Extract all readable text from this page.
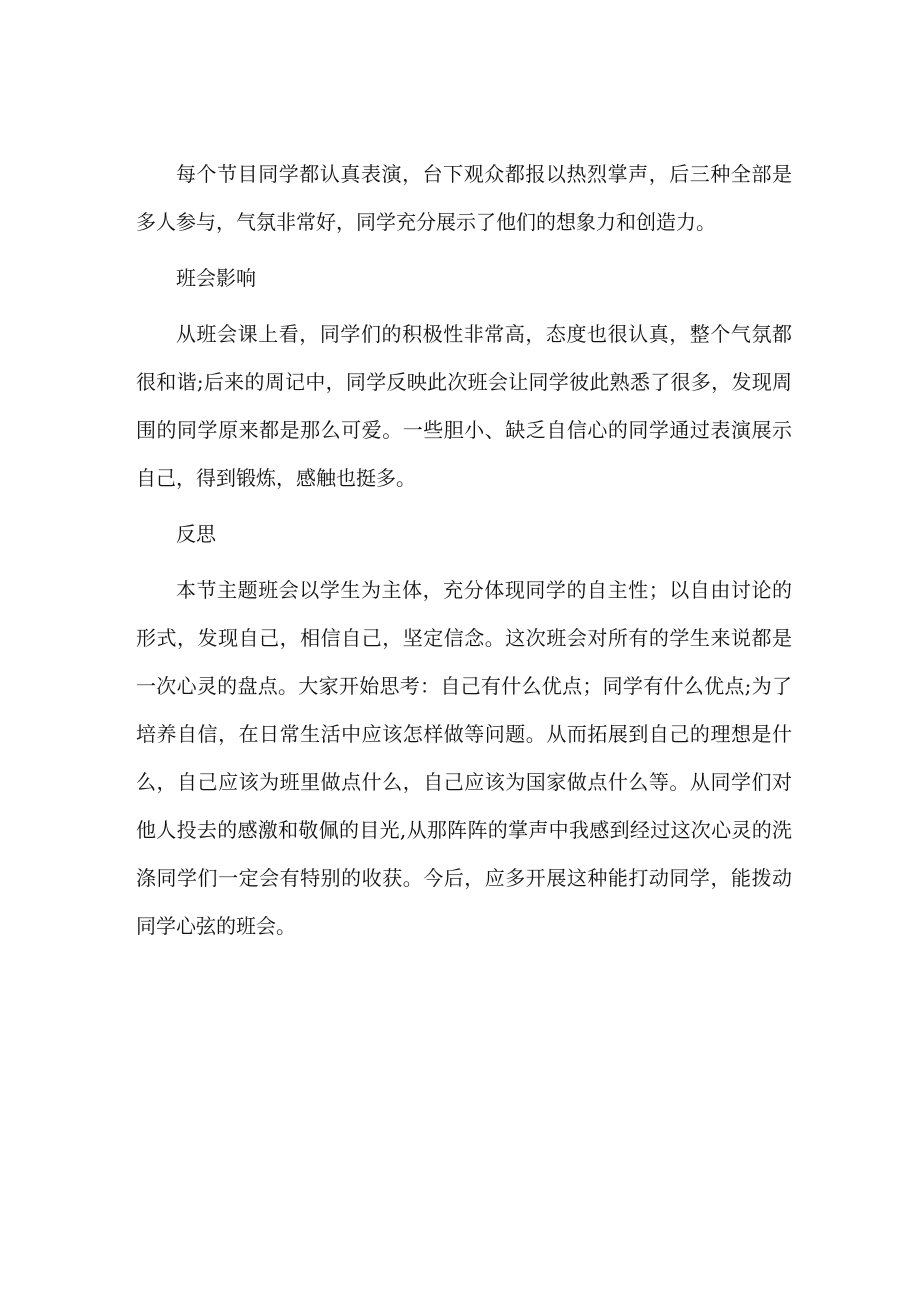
每个节目同学都认真表演，台下观众都报以热烈掌声，后三种全部是多人参与，气氛非常好，同学充分展示了他们的想象力和创造力。

班会影响

从班会课上看，同学们的积极性非常高，态度也很认真，整个气氛都很和谐;后来的周记中，同学反映此次班会让同学彼此熟悉了很多，发现周围的同学原来都是那么可爱。一些胆小、缺乏自信心的同学通过表演展示自己，得到锻炼，感触也挺多。

反思

本节主题班会以学生为主体，充分体现同学的自主性；以自由讨论的形式，发现自己，相信自己，坚定信念。这次班会对所有的学生来说都是一次心灵的盘点。大家开始思考：自己有什么优点；同学有什么优点;为了培养自信，在日常生活中应该怎样做等问题。从而拓展到自己的理想是什么，自己应该为班里做点什么，自己应该为国家做点什么等。从同学们对他人投去的感激和敬佩的目光,从那阵阵的掌声中我感到经过这次心灵的洗涤同学们一定会有特别的收获。今后，应多开展这种能打动同学，能拨动同学心弦的班会。
